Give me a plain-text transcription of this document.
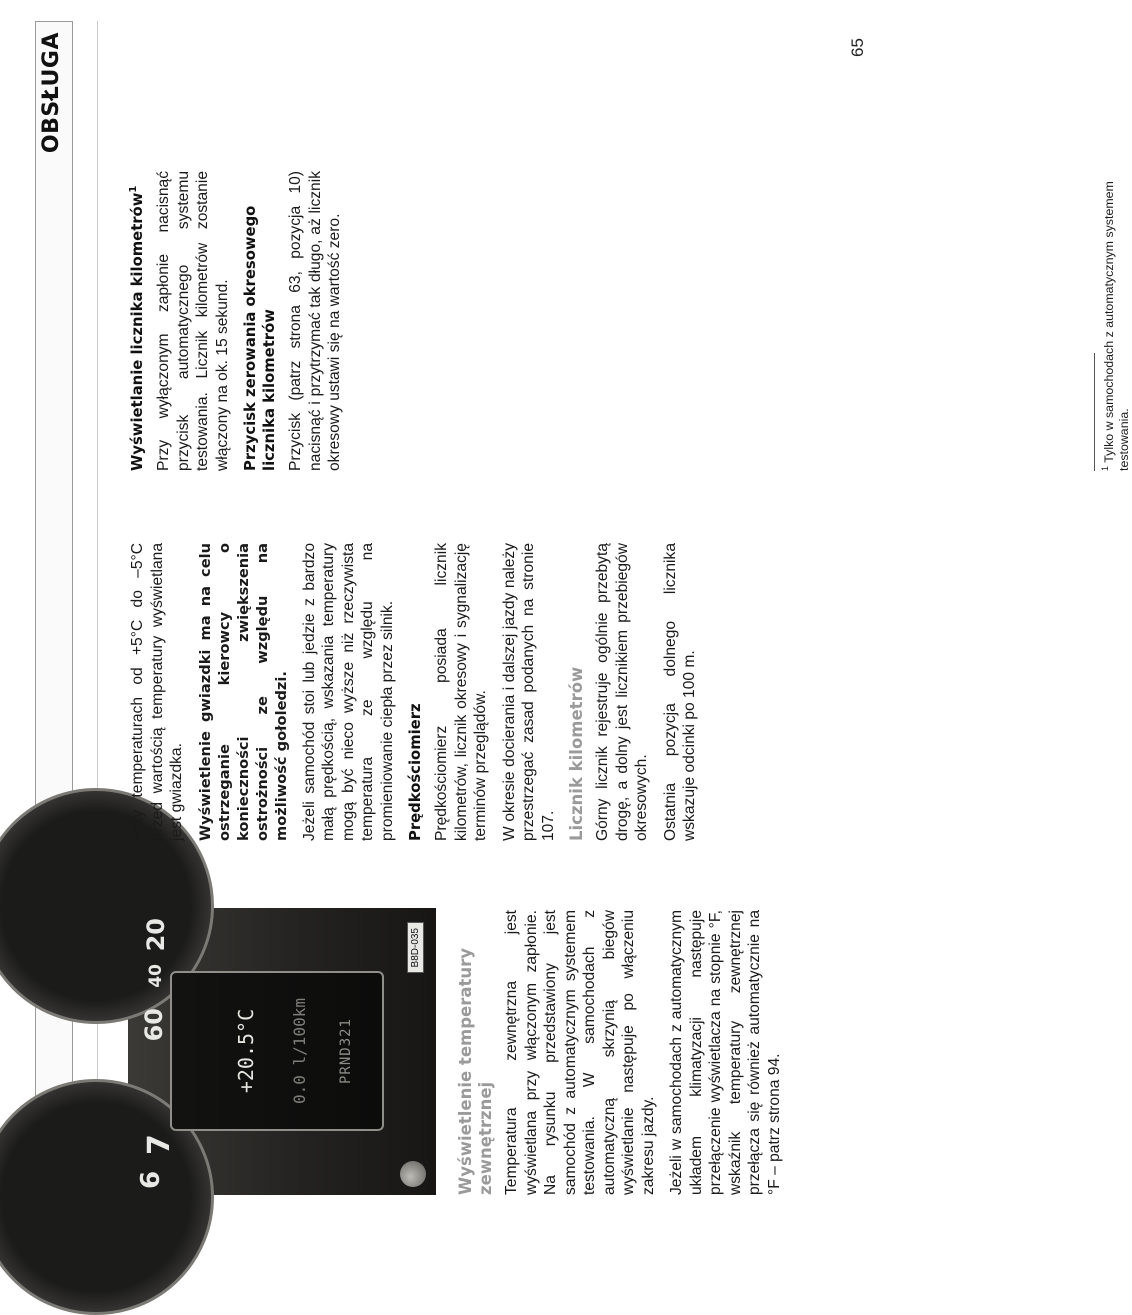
OBSŁUGA
6
7
60
40
20
+20.5°C 0.0 l/100km PRND321
B8D-035
Wyświetlenie temperatury zewnętrznej Temperatura zewnętrzna jest wyświetlana przy włączonym zapłonie. Na rysunku przedstawiony jest samochód z automatycznym systemem testowania. W samochodach z automatyczną skrzynią biegów wyświetlanie następuje po włączeniu zakresu jazdy. Jeżeli w samochodach z automatycznym układem klimatyzacji następuje przełączenie wyświetlacza na stopnie °F, wskaźnik temperatury zewnętrznej przełącza się również automatycznie na °F – patrz strona 94.

Przy temperaturach od +5°C do –5°C przed wartością temperatury wyświetlana jest gwiazdka. Wyświetlenie gwiazdki ma na celu ostrzeganie kierowcy o konieczności zwiększenia ostrożności ze względu na możliwość gołoledzi. Jeżeli samochód stoi lub jedzie z bardzo małą prędkością, wskazania temperatury mogą być nieco wyższe niż rzeczywista temperatura ze względu na promieniowanie ciepła przez silnik. Prędkościomierz Prędkościomierz posiada licznik kilometrów, licznik okresowy i sygnalizację terminów przeglądów. W okresie docierania i dalszej jazdy należy przestrzegać zasad podanych na stronie 107. Licznik kilometrów Górny licznik rejestruje ogólnie przebytą drogę, a dolny jest licznikiem przebiegów okresowych. Ostatnia pozycja dolnego licznika wskazuje odcinki po 100 m.

Wyświetlanie licznika kilometrów$^1$	Przy wyłączonym zapłonie nacisnąć przycisk automatycznego systemu testowania. Licznik kilometrów zostanie włączony na ok. 15 sekund. Przycisk zerowania okresowego licznika kilometrów Przycisk (patrz strona 63, pozycja 10) nacisnąć i przytrzymać tak długo, aż licznik okresowy ustawi się na wartość zero.	$^1$ Tylko w samochodach z automatycznym systemem testowania.
65
